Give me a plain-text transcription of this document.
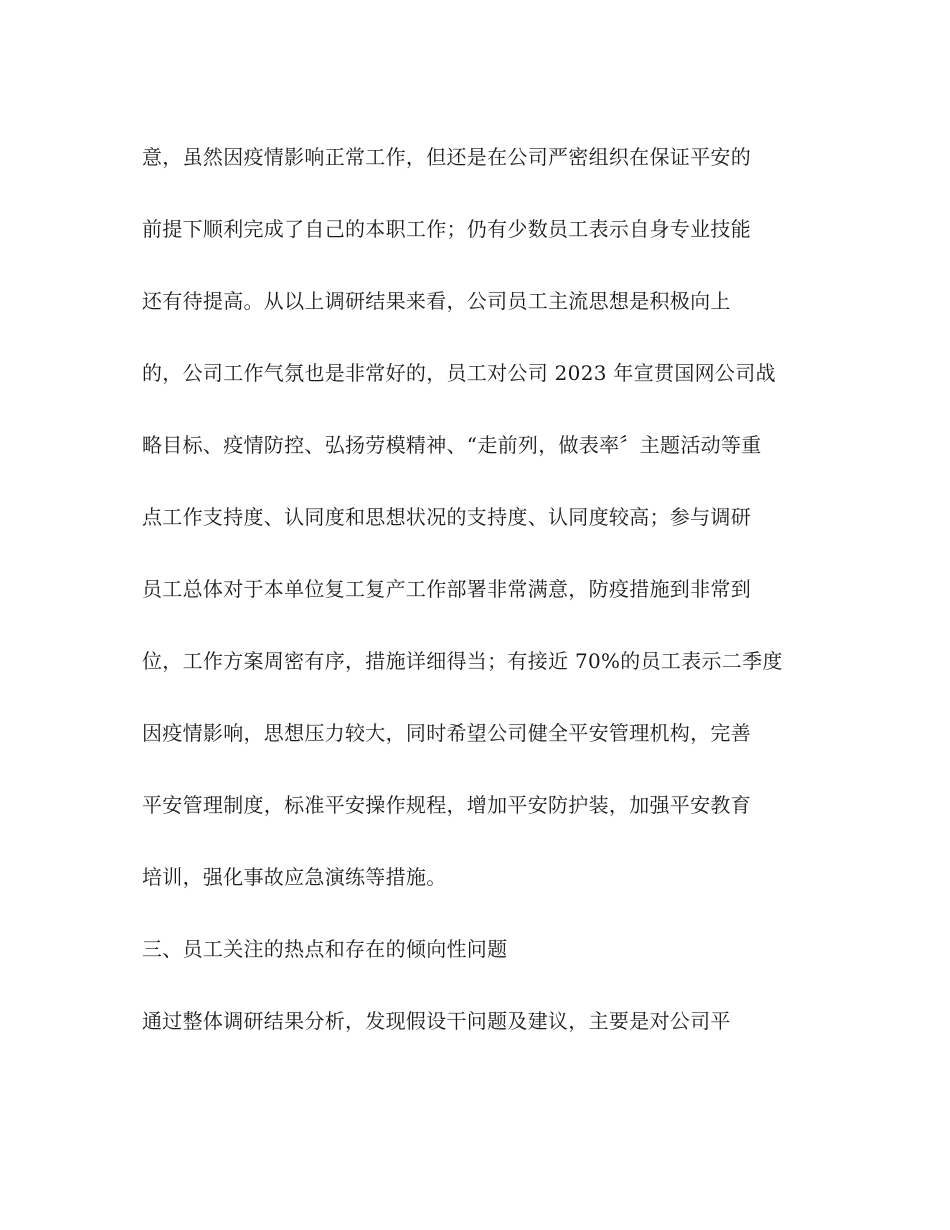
意，虽然因疫情影响正常工作，但还是在公司严密组织在保证平安的
前提下顺利完成了自己的本职工作；仍有少数员工表示自身专业技能
还有待提高。从以上调研结果来看，公司员工主流思想是积极向上
的，公司工作气氛也是非常好的，员工对公司 2023 年宣贯国网公司战
略目标、疫情防控、弘扬劳模精神、“走前列，做表率〞主题活动等重
点工作支持度、认同度和思想状况的支持度、认同度较高；参与调研
员工总体对于本单位复工复产工作部署非常满意，防疫措施到非常到
位，工作方案周密有序，措施详细得当；有接近 70%的员工表示二季度
因疫情影响，思想压力较大，同时希望公司健全平安管理机构，完善
平安管理制度，标准平安操作规程，增加平安防护装，加强平安教育
培训，强化事故应急演练等措施。
三、员工关注的热点和存在的倾向性问题
通过整体调研结果分析，发现假设干问题及建议，主要是对公司平
